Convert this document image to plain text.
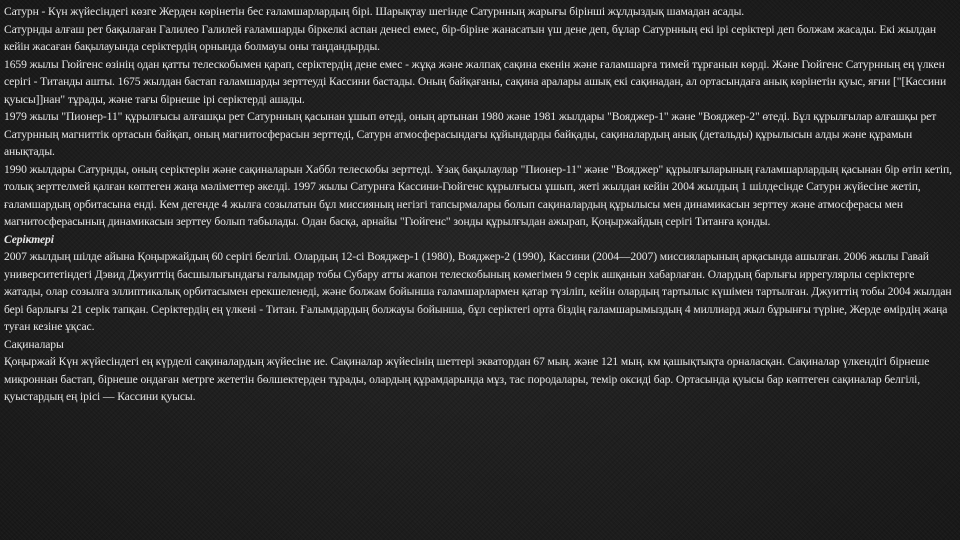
Сатурн - Күн жүйесіндегі көзге Жерден көрінетін бес ғаламшарлардың бірі. Шарықтау шегінде Сатурнның жарығы бірінші жұлдыздық шамадан асады.

Сатурнды алғаш рет бақылаған Галилео Галилей ғаламшарды біркелкі аспан денесі емес, бір-біріне жанасатын үш дене деп, бұлар Сатурнның екі ірі серіктері деп болжам жасады. Екі жылдан кейін жасаған бақылауында серіктердің орнында болмауы оны таңдандырды.

1659 жылы Гюйгенс өзінің одан қатты телескобымен қарап, серіктердің дене емес - жұқа және жалпақ сақина екенін және ғаламшарға тимей тұрғанын көрді. Және Гюйгенс Сатурнның ең үлкен серігі - Титанды ашты. 1675 жылдан бастап ғаламшарды зерттеуді Кассини бастады. Оның байқағаны, сақина аралары ашық екі сақинадан, ал ортасындаға анық көрінетін қуыс, яғни ["[Кассини қуысы]]нан" тұрады, және тағы бірнеше ірі серіктерді ашады.

1979 жылы "Пионер-11" құрылғысы алғашқы рет Сатурнның қасынан ұшып өтеді, оның артынан 1980 және 1981 жылдары "Вояджер-1" және "Вояджер-2" өтеді. Бұл құрылғылар алғашқы рет Сатурнның магниттік ортасын байқап, оның магнитосферасын зерттеді, Сатурн атмосферасындағы құйындарды байқады, сақиналардың анық (детальды) құрылысын алды және құрамын анықтады.

1990 жылдары Сатурнды, оның серіктерін және сақиналарын Хаббл телескобы зерттеді. Ұзақ бақылаулар "Пионер-11" және "Вояджер" құрылғыларының ғаламшарлардың қасынан бір өтіп кетіп, толық зерттелмей қалған көптеген жаңа мәліметтер әкелді. 1997 жылы Сатурнға Кассини-Гюйгенс құрылғысы ұшып, жеті жылдан кейін 2004 жылдың 1 шілдесінде Сатурн жүйесіне жетіп, ғаламшардың орбитасына енді. Кем дегенде 4 жылға созылатын бұл миссияның негізгі тапсырмалары болып сақиналардың құрылысы мен динамикасын зерттеу және атмосферасы мен магнитосферасының динамикасын зерттеу болып табылады. Одан басқа, арнайы "Гюйгенс" зонды құрылғыдан ажырап, Қоңыржайдың серігі Титанға қонды.

Серіктері

2007 жылдың шілде айына Қоңыржайдың 60 серігі белгілі. Олардың 12-сі Вояджер-1 (1980), Вояджер-2 (1990), Кассини (2004—2007) миссияларының арқасында ашылған. 2006 жылы Гавай университетіндегі Дэвид Джуиттің басшылығындағы ғалымдар тобы Субару атты жапон телескобының көмегімен 9 серік ашқанын хабарлаған. Олардың барлығы иррегулярлы серіктерге жатады, олар созылға эллиптикалық орбитасымен ерекшеленеді, және болжам бойынша ғаламшарлармен қатар түзіліп, кейін олардың тартылыс күшімен тартылған. Джуиттің тобы 2004 жылдан бері барлығы 21 серік тапқан. Серіктердің ең үлкені - Титан. Ғалымдардың болжауы бойынша, бұл серіктегі орта біздің ғаламшарымыздың 4 миллиард жыл бұрынғы түріне, Жерде өмірдің жаңа туған кезіне ұқсас.

Сақиналары

Қоңыржай Күн жүйесіндегі ең күрделі сақиналардың жүйесіне ие. Сақиналар жүйесінің шеттері экватордан 67 мың. және 121 мың. км қашықтықта орналасқан. Сақиналар үлкендігі бірнеше микроннан бастап, бірнеше ондаған метрге жететін бөлшектерден тұрады, олардың құрамдарында мұз, тас породалары, темір оксиді бар. Ортасында қуысы бар көптеген сақиналар белгілі, қуыстардың ең іріci — Кассини қуысы.
